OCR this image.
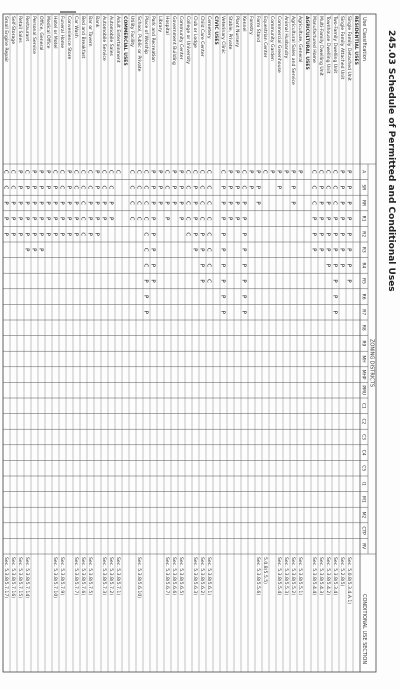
245.03 Schedule of Permitted and Conditional Uses
Use Classification
ZONING DISTRICTS
CONDITIONAL USE SECTION
A
SR
RR
R1
R2
R3
R4
R5
R6
R7
R8
R9
MH
MHP
PMU
C1
C2
C3
C4
C5
I1
M1
M2
CTP
RV
RESIDENTIAL USES
Single Family Detached Unit
P
P
P
P
P
P
P
P
Sec. 5.0.8(5.3.4.A.1)
Single Family Attached Unit
P
P
P
P
P
P
P
Sec. 5.2.8(5)
Two-Family Dwelling Unit
C
C
C
P
P
P
P
P
P
P
Sec. 5.3.8(5.3.4)
Townhouse Dwelling Unit
C
C
P
P
P
P
P
Sec. 5.3.8(5.4.2)
Multi-Family Dwelling Unit
C
P
P
P
P
P
Sec. 5.3.8(5.4.3)
Manufactured Home
C
C
C
P
P
P
Sec. 5.3.8(5.4.4)
AGRICULTURAL USES
Agriculture, General
P
Sec. 5.3.8(5.5.1)
Agricultural Sales and Service
P
P
P
Sec. 5.3.8(5.5.2)
Animal Husbandry
P
Sec. 5.3.8(5.5.3)
Commercial Greenhouse
P
P
Sec. 5.3.8(5.5.4)
Community Garden
P
Equestrian Center
C
5.0.8(5.5.5)
Farm Stand
P
P
P
Sec. 5.3.8(5.5.6)
Forestry
P
P
Kennel
C
C
P
P
P
P
P
P
P
P
Plant Nursery
P
P
P
P
Stable, Private
P
P
P
P
Veterinary Clinic
C
P
P
P
P
P
P
P
P
P
CIVIC USES
Cemetery
C
C
C
C
C
C
C
C
Sec. 5.3.8(5.6.1)
Child Care Center
C
C
C
C
P
P
P
P
Sec. 5.3.8(5.6.2)
Club or Lodge
C
P
P
P
P
P
Sec. 5.3.8(5.6.3)
College or University
C
C
C
C
C
Community Center
P
P
P
P
Sec. 5.3.8(5.6.5)
Government Building
P
P
P
Sec. 5.3.8(5.6.6)
Hospital
C
C
P
P
Sec. 5.3.8(5.6.7)
Library
P
P
P
Park and Recreation
P
P
P
P
P
P
P
P
Place of Worship
C
C
C
C
C
C
C
P
P
P
School, Public or Private
C
C
C
C
Sec. 5.3.8(5.6.10)
Utility Facility
C
C
C
C
COMMERCIAL USES
Adult Entertainment
C
Sec. 5.3.8(5.7.1)
Automobile Sales
C
C
P
P
Sec. 5.3.8(5.7.2)
Automobile Service
C
C
P
P
Sec. 5.3.8(5.7.3)
Bank
P
P
P
P
P
Bar or Tavern
C
C
P
P
P
Sec. 5.3.8(5.7.5)
Bed and Breakfast
C
C
C
C
C
Sec. 5.3.8(5.7.6)
Car Wash
C
C
P
P
P
Sec. 5.3.8(5.7.7)
Convenience Store
P
P
P
P
P
Funeral Home
C
C
P
P
P
Sec. 5.3.8(5.7.9)
Hotel or Motel
C
P
P
P
P
Sec. 5.3.8(5.7.10)
Medical Office
P
P
P
P
P
Office, General
P
P
P
P
P
P
Personal Service
P
P
P
P
P
P
Restaurant
C
P
P
P
P
P
Sec. 5.3.8(5.7.14)
Retail Sales
P
P
P
P
P
Sec. 5.3.8(5.7.15)
Self-Storage
C
C
P
P
P
Sec. 5.3.8(5.7.16)
Small Engine Repair
C
C
P
P
P
Sec. 5.3.8(5.7.17)
